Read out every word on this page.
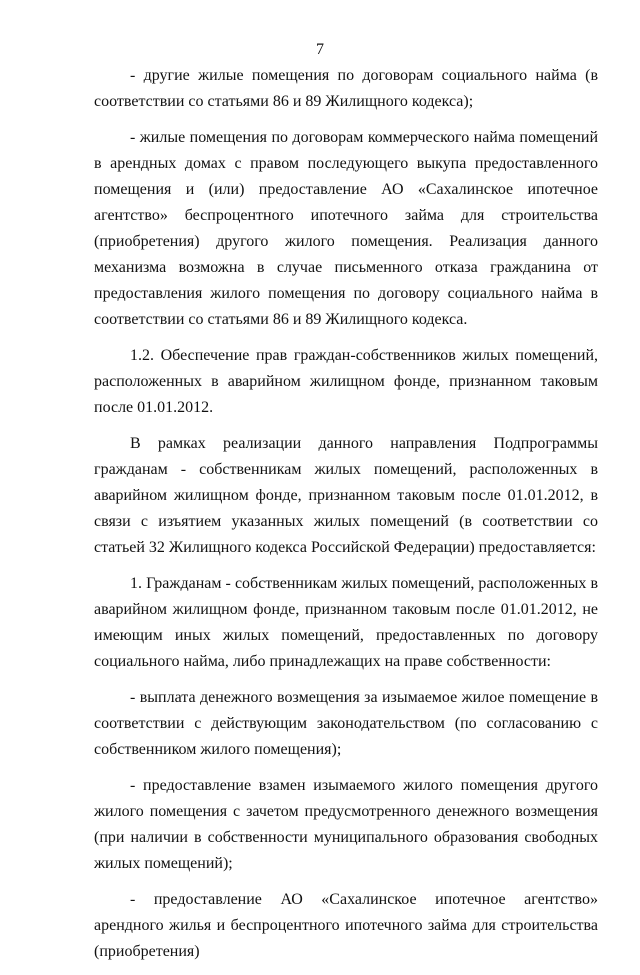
7

- другие жилые помещения по договорам социального найма (в соответствии со статьями 86 и 89 Жилищного кодекса);

- жилые помещения по договорам коммерческого найма помещений в арендных домах с правом последующего выкупа предоставленного помещения и (или) предоставление АО «Сахалинское ипотечное агентство» беспроцентного ипотечного займа для строительства (приобретения) другого жилого помещения. Реализация данного механизма возможна в случае письменного отказа гражданина от предоставления жилого помещения по договору социального найма в соответствии со статьями 86 и 89 Жилищного кодекса.

1.2. Обеспечение прав граждан-собственников жилых помещений, расположенных в аварийном жилищном фонде, признанном таковым после 01.01.2012.

В рамках реализации данного направления Подпрограммы гражданам - собственникам жилых помещений, расположенных в аварийном жилищном фонде, признанном таковым после 01.01.2012, в связи с изъятием указанных жилых помещений (в соответствии со статьей 32 Жилищного кодекса Российской Федерации) предоставляется:

1. Гражданам - собственникам жилых помещений, расположенных в аварийном жилищном фонде, признанном таковым после 01.01.2012, не имеющим иных жилых помещений, предоставленных по договору социального найма, либо принадлежащих на праве собственности:

- выплата денежного возмещения за изымаемое жилое помещение в соответствии с действующим законодательством (по согласованию с собственником жилого помещения);

- предоставление взамен изымаемого жилого помещения другого жилого помещения с зачетом предусмотренного денежного возмещения (при наличии в собственности муниципального образования свободных жилых помещений);

- предоставление АО «Сахалинское ипотечное агентство» арендного жилья и беспроцентного ипотечного займа для строительства (приобретения)
